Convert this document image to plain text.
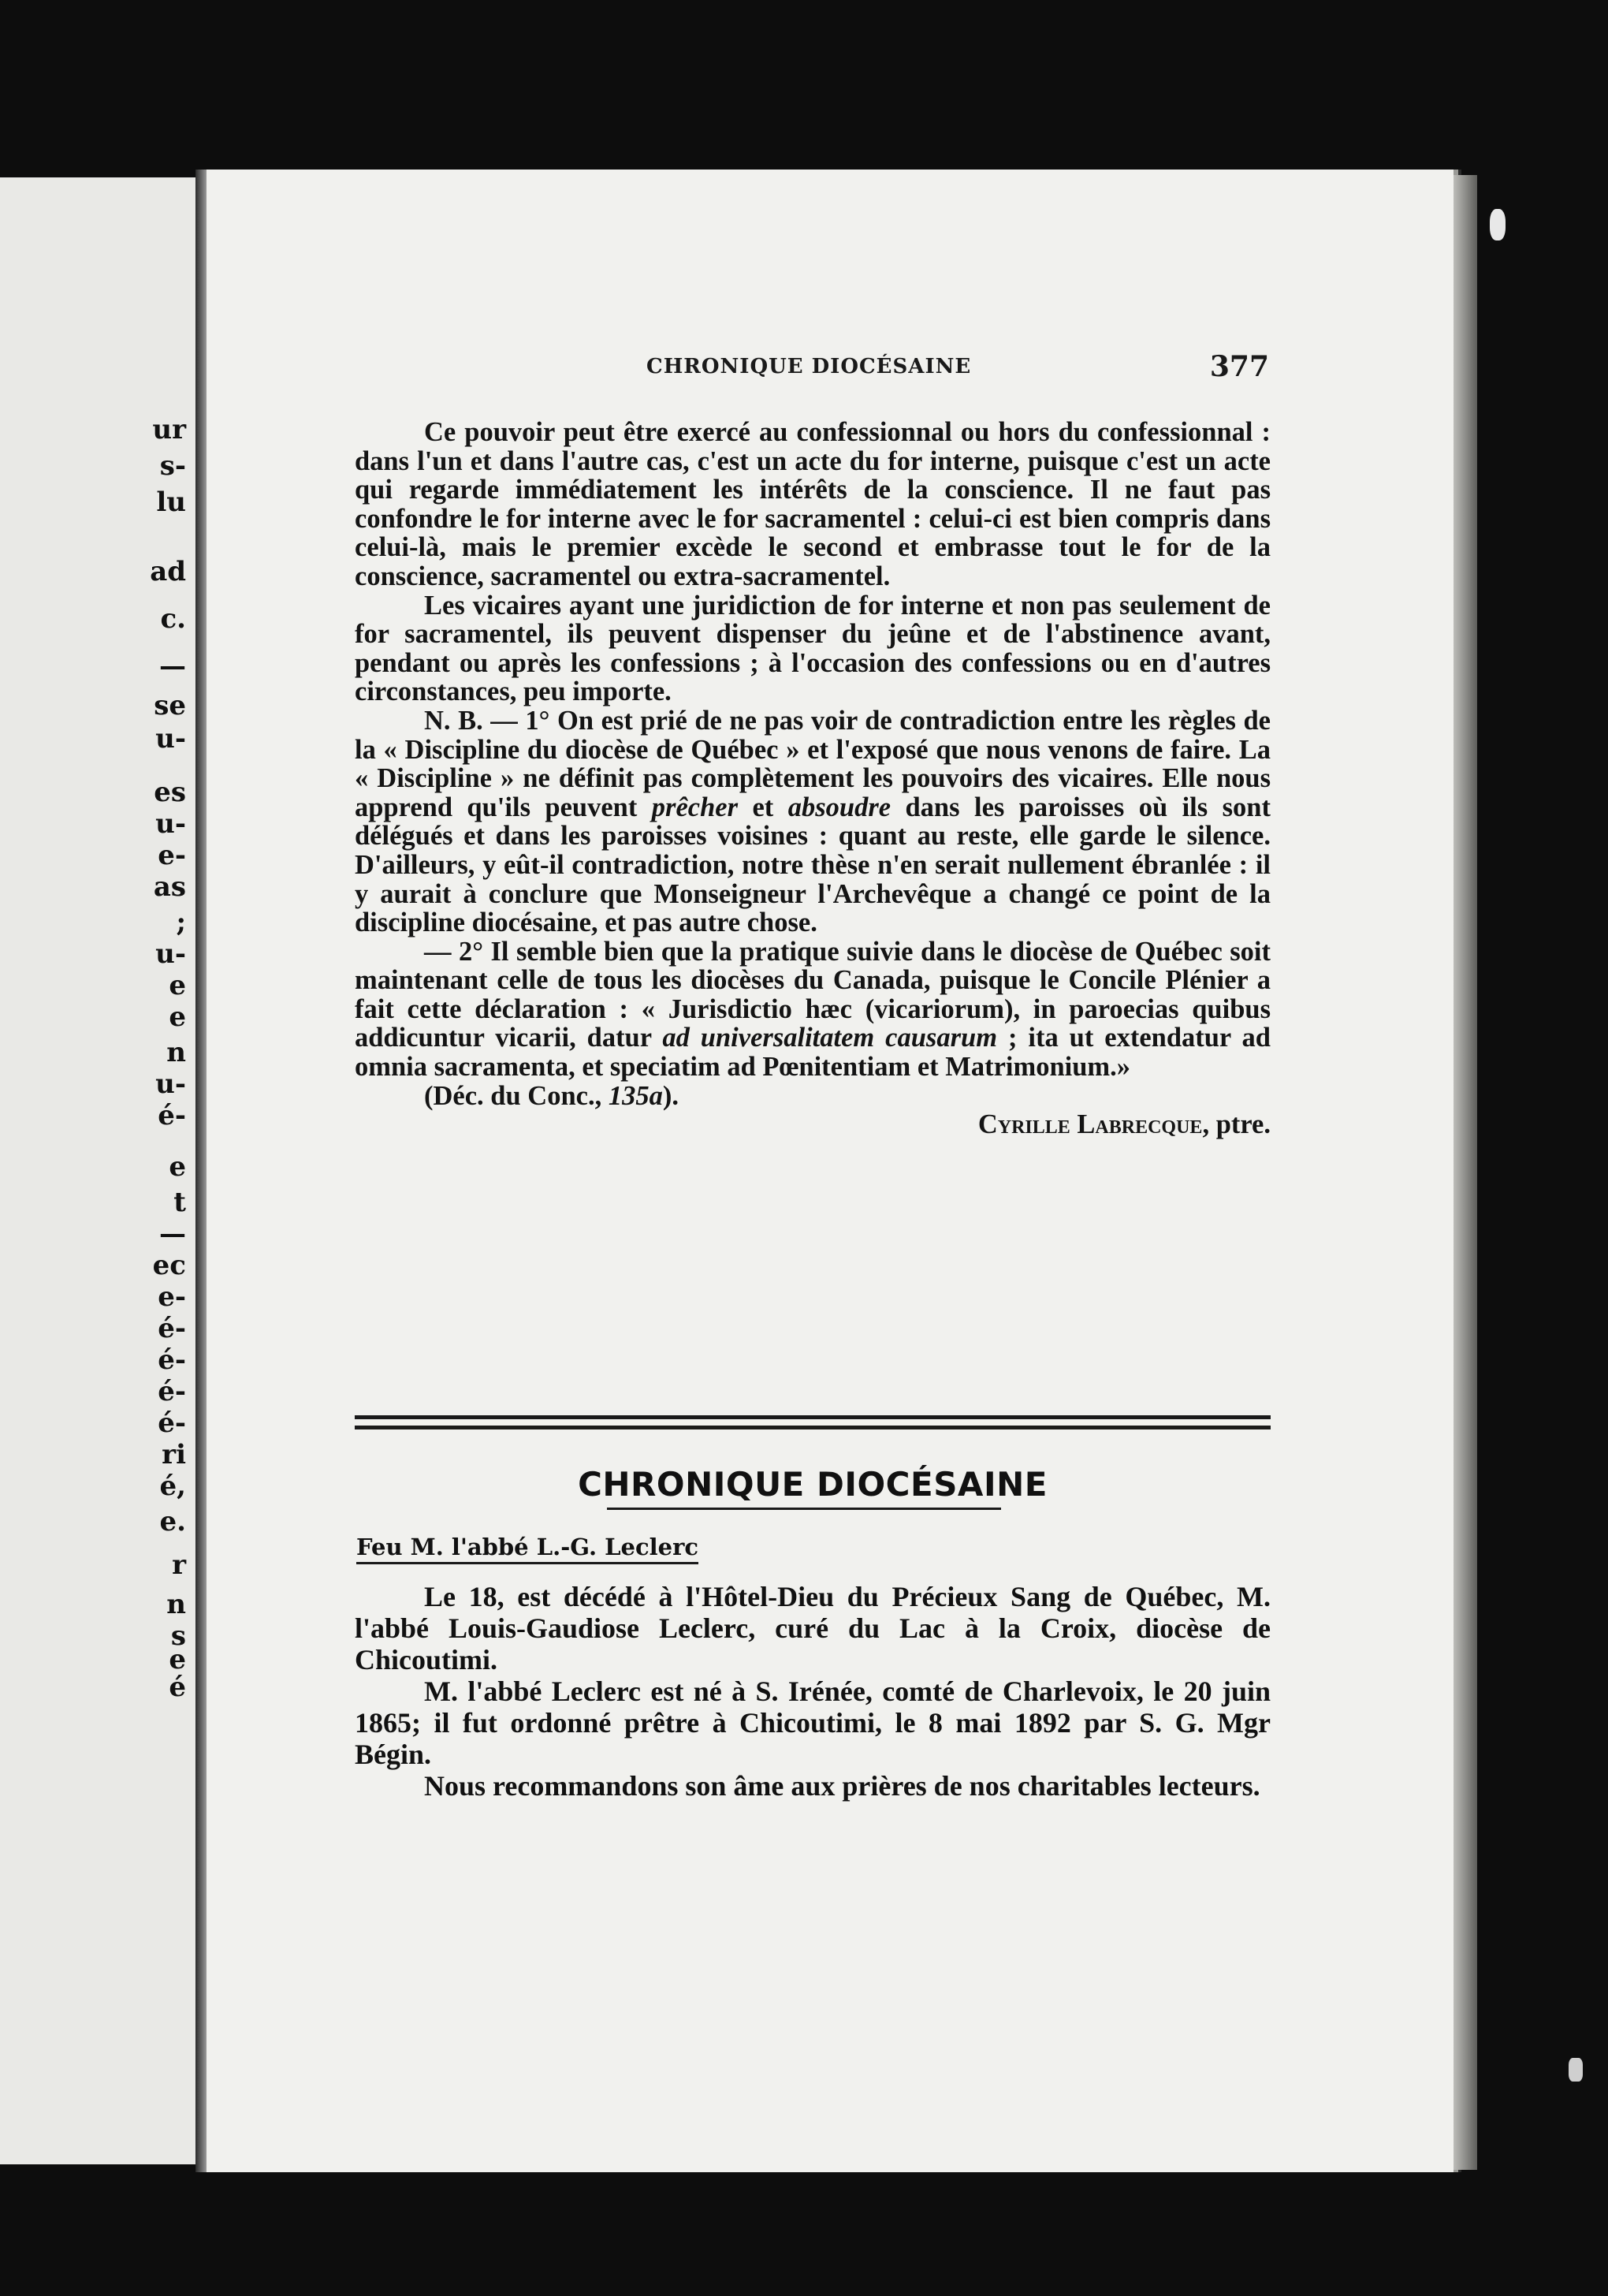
ur
s-
lu
ad
c.
—
se
u-
es
u-
e-
as
;
u-
e
e
n
u-
é-
e
t
—
ec
e-
é-
é-
é-
é-
ri
é,
e.
r
n
s
e
é
CHRONIQUE DIOCÉSAINE	377

Ce pouvoir peut être exercé au confessionnal ou hors du confessionnal : dans l'un et dans l'autre cas, c'est un acte du for interne, puisque c'est un acte qui regarde immédiatement les intérêts de la conscience. Il ne faut pas confondre le for interne avec le for sacramentel : celui-ci est bien compris dans celui-là, mais le premier excède le second et embrasse tout le for de la conscience, sacramentel ou extra-sacramentel.

Les vicaires ayant une juridiction de for interne et non pas seulement de for sacramentel, ils peuvent dispenser du jeûne et de l'abstinence avant, pendant ou après les confessions ; à l'occasion des confessions ou en d'autres circonstances, peu importe.

N. B. — 1° On est prié de ne pas voir de contradiction entre les règles de la « Discipline du diocèse de Québec » et l'exposé que nous venons de faire. La « Discipline » ne définit pas complètement les pouvoirs des vicaires. Elle nous apprend qu'ils peuvent prêcher et absoudre dans les paroisses où ils sont délégués et dans les paroisses voisines : quant au reste, elle garde le silence. D'ailleurs, y eût-il contradiction, notre thèse n'en serait nullement ébranlée : il y aurait à conclure que Monseigneur l'Archevêque a changé ce point de la discipline diocésaine, et pas autre chose.

— 2° Il semble bien que la pratique suivie dans le diocèse de Québec soit maintenant celle de tous les diocèses du Canada, puisque le Concile Plénier a fait cette déclaration : « Jurisdictio hæc (vicariorum), in paroecias quibus addicuntur vicarii, datur ad universalitatem causarum ; ita ut extendatur ad omnia sacramenta, et speciatim ad Pœnitentiam et Matrimonium.»

(Déc. du Conc., 135a).

Cyrille Labrecque, ptre.

CHRONIQUE DIOCÉSAINE
Feu M. l'abbé L.-G. Leclerc

Le 18, est décédé à l'Hôtel-Dieu du Précieux Sang de Québec, M. l'abbé Louis-Gaudiose Leclerc, curé du Lac à la Croix, diocèse de Chicoutimi.

M. l'abbé Leclerc est né à S. Irénée, comté de Charlevoix, le 20 juin 1865; il fut ordonné prêtre à Chicoutimi, le 8 mai 1892 par S. G. Mgr Bégin.

Nous recommandons son âme aux prières de nos charitables lecteurs.
